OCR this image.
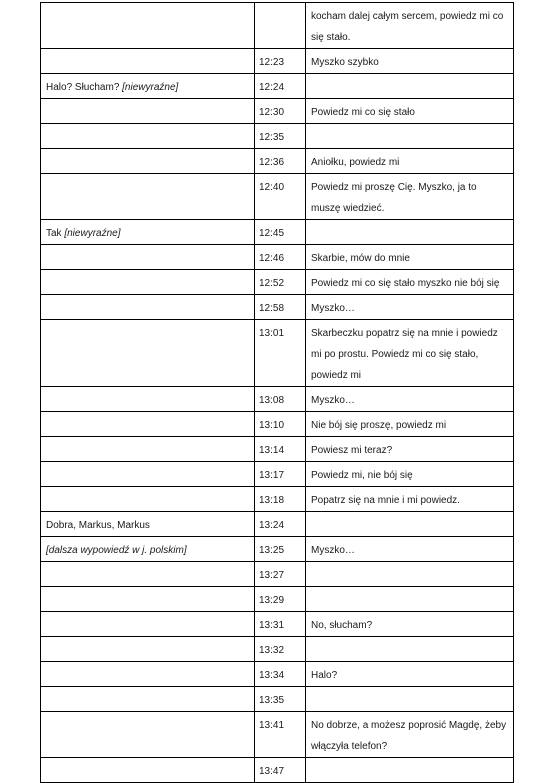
		kocham dalej całym sercem, powiedz mi co
się stało.

	12:23	Myszko szybko

Halo? Słucham? [niewyraźne]	12:24	

	12:30	Powiedz mi co się stało

	12:35	

	12:36	Aniołku, powiedz mi

	12:40	Powiedz mi proszę Cię. Myszko, ja to
muszę wiedzieć.

Tak [niewyraźne]	12:45	

	12:46	Skarbie, mów do mnie

	12:52	Powiedz mi co się stało myszko nie bój się

	12:58	Myszko…

	13:01	Skarbeczku popatrz się na mnie i powiedz
mi po prostu. Powiedz mi co się stało,
powiedz mi

	13:08	Myszko…

	13:10	Nie bój się proszę, powiedz mi

	13:14	Powiesz mi teraz?

	13:17	Powiedz mi, nie bój się

	13:18	Popatrz się na mnie i mi powiedz.

Dobra, Markus, Markus	13:24	

[dalsza wypowiedź w j. polskim]	13:25	Myszko…

	13:27	

	13:29	

	13:31	No, słucham?

	13:32	

	13:34	Halo?

	13:35	

	13:41	No dobrze, a możesz poprosić Magdę, żeby
włączyła telefon?

	13:47	
